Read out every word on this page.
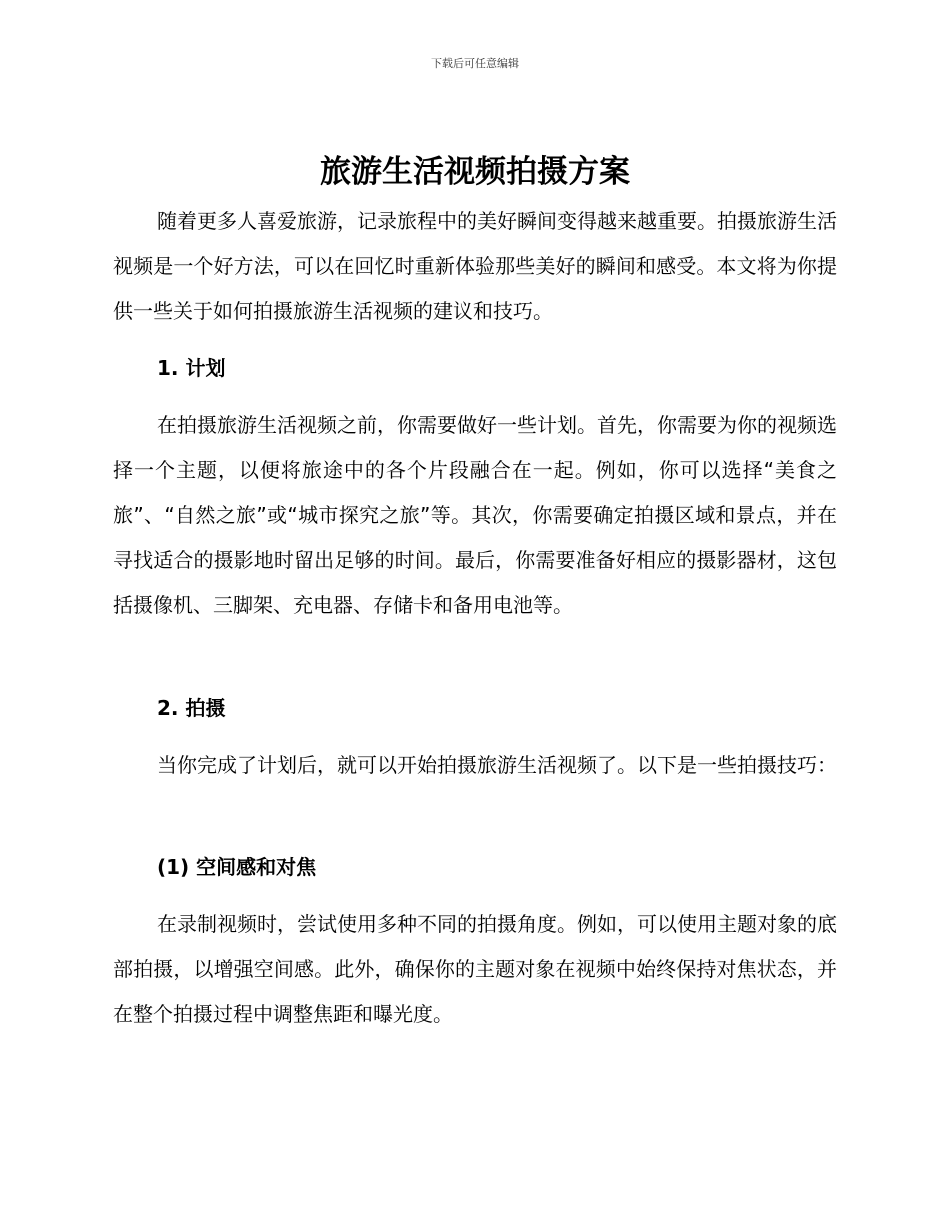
下载后可任意编辑
旅游生活视频拍摄方案

随着更多人喜爱旅游，记录旅程中的美好瞬间变得越来越重要。拍摄旅游生活视频是一个好方法，可以在回忆时重新体验那些美好的瞬间和感受。本文将为你提供一些关于如何拍摄旅游生活视频的建议和技巧。

1. 计划

在拍摄旅游生活视频之前，你需要做好一些计划。首先，你需要为你的视频选择一个主题，以便将旅途中的各个片段融合在一起。例如，你可以选择“美食之旅”、“自然之旅”或“城市探究之旅”等。其次，你需要确定拍摄区域和景点，并在寻找适合的摄影地时留出足够的时间。最后，你需要准备好相应的摄影器材，这包括摄像机、三脚架、充电器、存储卡和备用电池等。

2. 拍摄

当你完成了计划后，就可以开始拍摄旅游生活视频了。以下是一些拍摄技巧：

(1) 空间感和对焦

在录制视频时，尝试使用多种不同的拍摄角度。例如，可以使用主题对象的底部拍摄，以增强空间感。此外，确保你的主题对象在视频中始终保持对焦状态，并在整个拍摄过程中调整焦距和曝光度。
